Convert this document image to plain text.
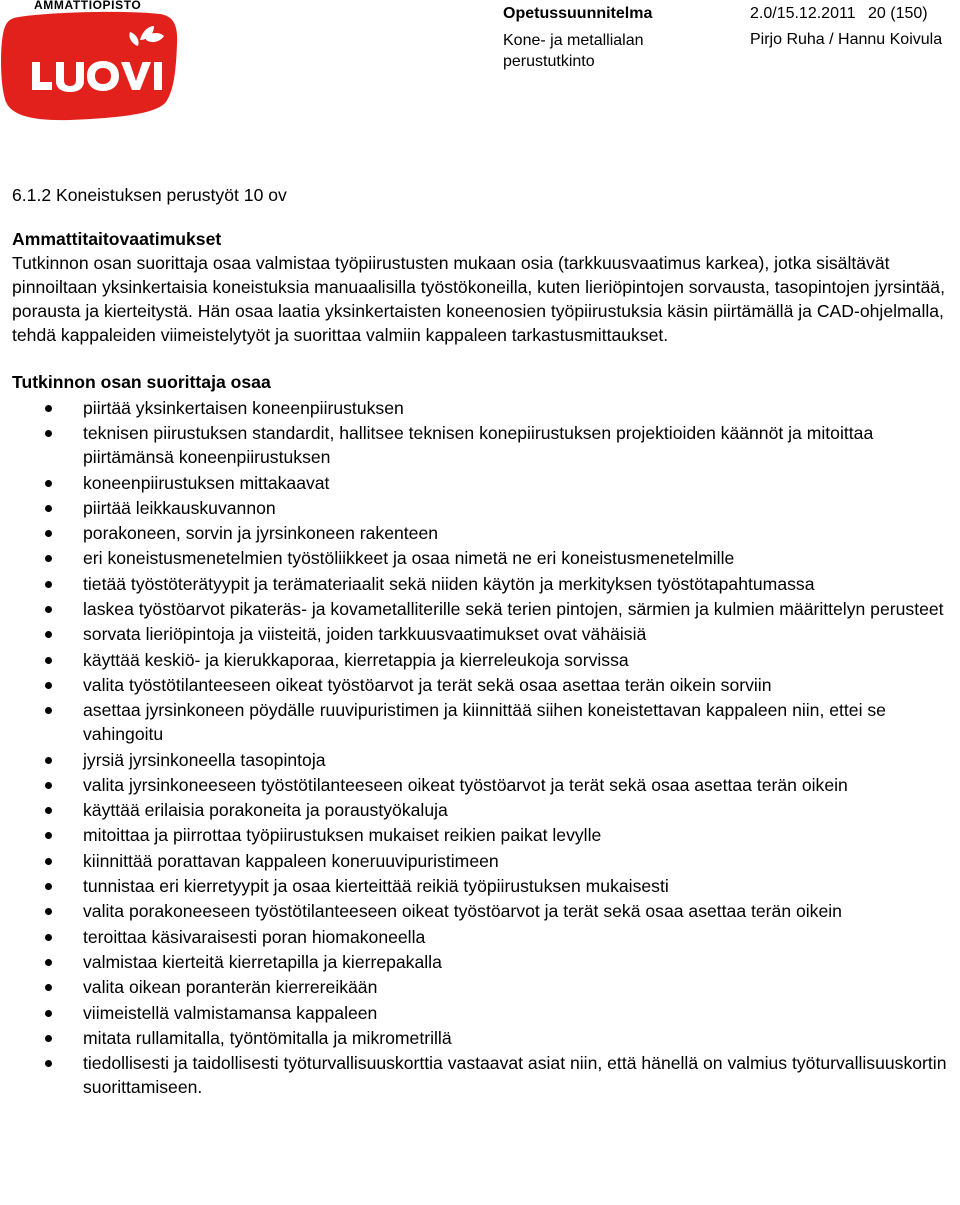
AMMATTIOPISTO	Opetussuunnitelma	2.0/15.12.2011 20 (150)
Kone- ja metallialan perustutkinto
Pirjo Ruha / Hannu Koivula
6.1.2 Koneistuksen perustyöt 10 ov
Ammattitaitovaatimukset

Tutkinnon osan suorittaja osaa valmistaa työpiirustusten mukaan osia (tarkkuusvaatimus karkea), jotka sisältävät pinnoiltaan yksinkertaisia koneistuksia manuaalisilla työstökoneilla, kuten lieriöpintojen sorvausta, tasopintojen jyrsintää, porausta ja kierteitystä. Hän osaa laatia yksinkertaisten koneenosien työpiirustuksia käsin piirtämällä ja CAD-ohjelmalla, tehdä kappaleiden viimeistelytyöt ja suorittaa valmiin kappaleen tarkastusmittaukset.

Tutkinnon osan suorittaja osaa
piirtää yksinkertaisen koneenpiirustuksen
teknisen piirustuksen standardit, hallitsee teknisen konepiirustuksen projektioiden käännöt ja mitoittaa piirtämänsä koneenpiirustuksen
koneenpiirustuksen mittakaavat
piirtää leikkauskuvannon
porakoneen, sorvin ja jyrsinkoneen rakenteen
eri koneistusmenetelmien työstöliikkeet ja osaa nimetä ne eri koneistusmenetelmille
tietää työstöterätyypit ja terämateriaalit sekä niiden käytön ja merkityksen työstötapahtumassa
laskea työstöarvot pikateräs- ja kovametalliterille sekä terien pintojen, särmien ja kulmien määrittelyn perusteet
sorvata lieriöpintoja ja viisteitä, joiden tarkkuusvaatimukset ovat vähäisiä
käyttää keskiö- ja kierukkaporaa, kierretappia ja kierreleukoja sorvissa
valita työstötilanteeseen oikeat työstöarvot ja terät sekä osaa asettaa terän oikein sorviin
asettaa jyrsinkoneen pöydälle ruuvipuristimen ja kiinnittää siihen koneistettavan kappaleen niin, ettei se vahingoitu
jyrsiä jyrsinkoneella tasopintoja
valita jyrsinkoneeseen työstötilanteeseen oikeat työstöarvot ja terät sekä osaa asettaa terän oikein
käyttää erilaisia porakoneita ja poraustyökaluja
mitoittaa ja piirrottaa työpiirustuksen mukaiset reikien paikat levylle
kiinnittää porattavan kappaleen koneruuvipuristimeen
tunnistaa eri kierretyypit ja osaa kierteittää reikiä työpiirustuksen mukaisesti
valita porakoneeseen työstötilanteeseen oikeat työstöarvot ja terät sekä osaa asettaa terän oikein
teroittaa käsivaraisesti poran hiomakoneella
valmistaa kierteitä kierretapilla ja kierrepakalla
valita oikean poranterän kierrereikään
viimeistellä valmistamansa kappaleen
mitata rullamitalla, työntömitalla ja mikrometrillä
tiedollisesti ja taidollisesti työturvallisuuskorttia vastaavat asiat niin, että hänellä on valmius työturvallisuuskortin suorittamiseen.
